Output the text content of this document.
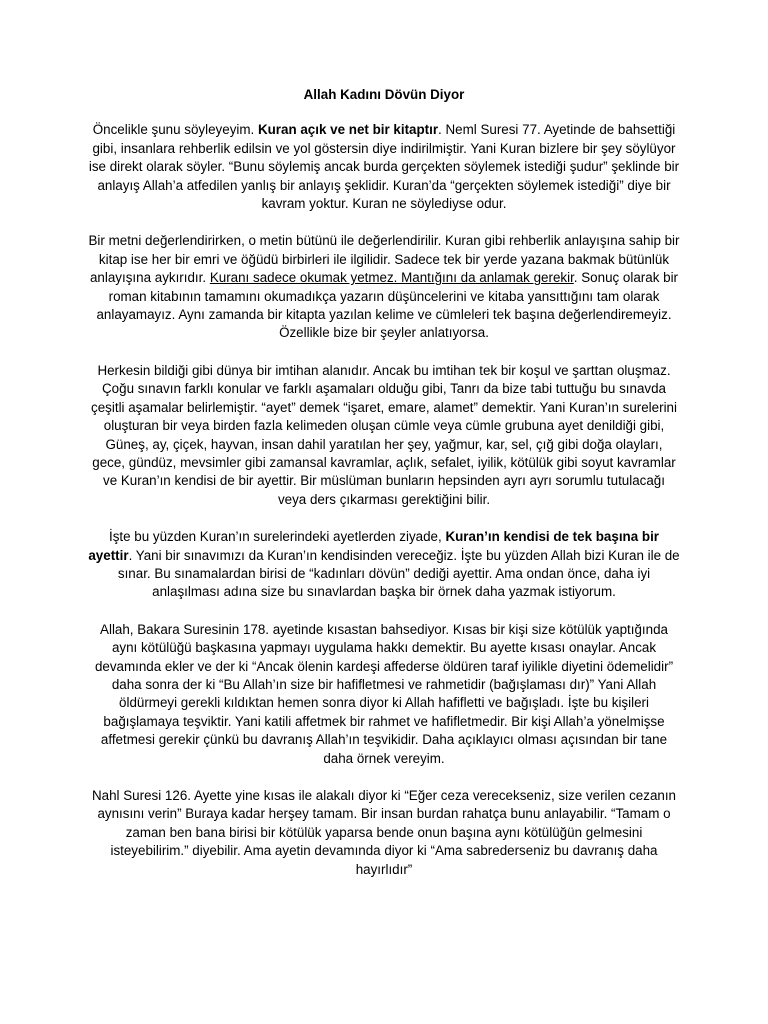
Allah Kadını Dövün Diyor

Öncelikle şunu söyleyeyim. Kuran açık ve net bir kitaptır. Neml Suresi 77. Ayetinde de bahsettiği gibi, insanlara rehberlik edilsin ve yol göstersin diye indirilmiştir. Yani Kuran bizlere bir şey söylüyor ise direkt olarak söyler. “Bunu söylemiş ancak burda gerçekten söylemek istediği şudur” şeklinde bir anlayış Allah’a atfedilen yanlış bir anlayış şeklidir. Kuran’da “gerçekten söylemek istediği” diye bir kavram yoktur. Kuran ne söylediyse odur.

Bir metni değerlendirirken, o metin bütünü ile değerlendirilir. Kuran gibi rehberlik anlayışına sahip bir kitap ise her bir emri ve öğüdü birbirleri ile ilgilidir. Sadece tek bir yerde yazana bakmak bütünlük anlayışına aykırıdır. Kuranı sadece okumak yetmez. Mantığını da anlamak gerekir. Sonuç olarak bir roman kitabının tamamını okumadıkça yazarın düşüncelerini ve kitaba yansıttığını tam olarak anlayamayız. Aynı zamanda bir kitapta yazılan kelime ve cümleleri tek başına değerlendiremeyiz. Özellikle bize bir şeyler anlatıyorsa.

Herkesin bildiği gibi dünya bir imtihan alanıdır. Ancak bu imtihan tek bir koşul ve şarttan oluşmaz. Çoğu sınavın farklı konular ve farklı aşamaları olduğu gibi, Tanrı da bize tabi tuttuğu bu sınavda çeşitli aşamalar belirlemiştir. “ayet” demek “işaret, emare, alamet” demektir. Yani Kuran’ın surelerini oluşturan bir veya birden fazla kelimeden oluşan cümle veya cümle grubuna ayet denildiği gibi, Güneş, ay, çiçek, hayvan, insan dahil yaratılan her şey, yağmur, kar, sel, çığ gibi doğa olayları, gece, gündüz, mevsimler gibi zamansal kavramlar, açlık, sefalet, iyilik, kötülük gibi soyut kavramlar ve Kuran’ın kendisi de bir ayettir. Bir müslüman bunların hepsinden ayrı ayrı sorumlu tutulacağı veya ders çıkarması gerektiğini bilir.

İşte bu yüzden Kuran’ın surelerindeki ayetlerden ziyade, Kuran’ın kendisi de tek başına bir ayettir. Yani bir sınavımızı da Kuran’ın kendisinden vereceğiz. İşte bu yüzden Allah bizi Kuran ile de sınar. Bu sınamalardan birisi de “kadınları dövün” dediği ayettir. Ama ondan önce, daha iyi anlaşılması adına size bu sınavlardan başka bir örnek daha yazmak istiyorum.

Allah, Bakara Suresinin 178. ayetinde kısastan bahsediyor. Kısas bir kişi size kötülük yaptığında aynı kötülüğü başkasına yapmayı uygulama hakkı demektir. Bu ayette kısası onaylar. Ancak devamında ekler ve der ki “Ancak ölenin kardeşi affederse öldüren taraf iyilikle diyetini ödemelidir” daha sonra der ki “Bu Allah’ın size bir hafifletmesi ve rahmetidir (bağışlaması dır)” Yani Allah öldürmeyi gerekli kıldıktan hemen sonra diyor ki Allah hafifletti ve bağışladı. İşte bu kişileri bağışlamaya teşviktir. Yani katili affetmek bir rahmet ve hafifletmedir. Bir kişi Allah’a yönelmişse affetmesi gerekir çünkü bu davranış Allah’ın teşvikidir. Daha açıklayıcı olması açısından bir tane daha örnek vereyim.

Nahl Suresi 126. Ayette yine kısas ile alakalı diyor ki “Eğer ceza verecekseniz, size verilen cezanın aynısını verin” Buraya kadar herşey tamam. Bir insan burdan rahatça bunu anlayabilir. “Tamam o zaman ben bana birisi bir kötülük yaparsa bende onun başına aynı kötülüğün gelmesini isteyebilirim.” diyebilir. Ama ayetin devamında diyor ki “Ama sabrederseniz bu davranış daha hayırlıdır”
